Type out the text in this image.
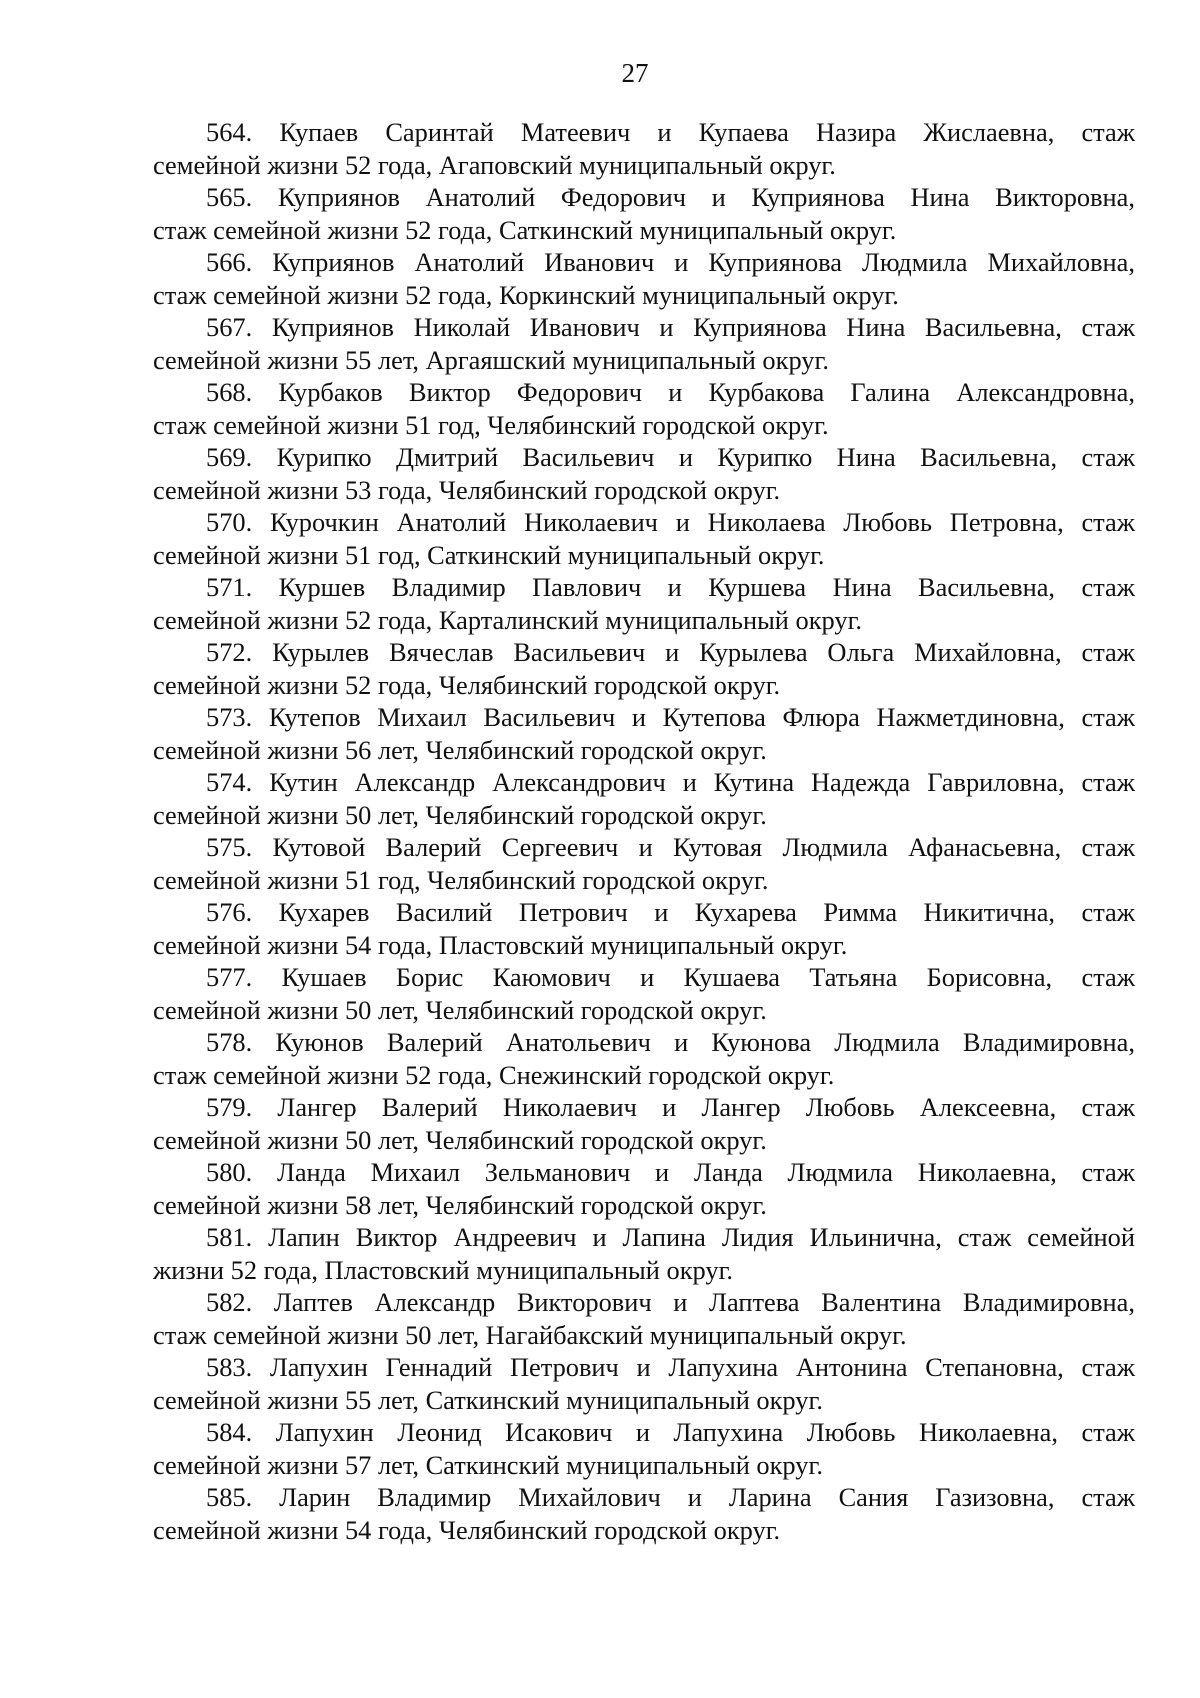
27

564. Купаев Саринтай Матеевич и Купаева Назира Жислаевна, стаж
семейной жизни 52 года, Агаповский муниципальный округ.

565. Куприянов Анатолий Федорович и Куприянова Нина Викторовна,
стаж семейной жизни 52 года, Саткинский муниципальный округ.

566. Куприянов Анатолий Иванович и Куприянова Людмила Михайловна,
стаж семейной жизни 52 года, Коркинский муниципальный округ.

567. Куприянов Николай Иванович и Куприянова Нина Васильевна, стаж
семейной жизни 55 лет, Аргаяшский муниципальный округ.

568. Курбаков Виктор Федорович и Курбакова Галина Александровна,
стаж семейной жизни 51 год, Челябинский городской округ.

569. Курипко Дмитрий Васильевич и Курипко Нина Васильевна, стаж
семейной жизни 53 года, Челябинский городской округ.

570. Курочкин Анатолий Николаевич и Николаева Любовь Петровна, стаж
семейной жизни 51 год, Саткинский муниципальный округ.

571. Куршев Владимир Павлович и Куршева Нина Васильевна, стаж
семейной жизни 52 года, Карталинский муниципальный округ.

572. Курылев Вячеслав Васильевич и Курылева Ольга Михайловна, стаж
семейной жизни 52 года, Челябинский городской округ.

573. Кутепов Михаил Васильевич и Кутепова Флюра Нажметдиновна, стаж
семейной жизни 56 лет, Челябинский городской округ.

574. Кутин Александр Александрович и Кутина Надежда Гавриловна, стаж
семейной жизни 50 лет, Челябинский городской округ.

575. Кутовой Валерий Сергеевич и Кутовая Людмила Афанасьевна, стаж
семейной жизни 51 год, Челябинский городской округ.

576. Кухарев Василий Петрович и Кухарева Римма Никитична, стаж
семейной жизни 54 года, Пластовский муниципальный округ.

577. Кушаев Борис Каюмович и Кушаева Татьяна Борисовна, стаж
семейной жизни 50 лет, Челябинский городской округ.

578. Куюнов Валерий Анатольевич и Куюнова Людмила Владимировна,
стаж семейной жизни 52 года, Снежинский городской округ.

579. Лангер Валерий Николаевич и Лангер Любовь Алексеевна, стаж
семейной жизни 50 лет, Челябинский городской округ.

580. Ланда Михаил Зельманович и Ланда Людмила Николаевна, стаж
семейной жизни 58 лет, Челябинский городской округ.

581. Лапин Виктор Андреевич и Лапина Лидия Ильинична, стаж семейной
жизни 52 года, Пластовский муниципальный округ.

582. Лаптев Александр Викторович и Лаптева Валентина Владимировна,
стаж семейной жизни 50 лет, Нагайбакский муниципальный округ.

583. Лапухин Геннадий Петрович и Лапухина Антонина Степановна, стаж
семейной жизни 55 лет, Саткинский муниципальный округ.

584. Лапухин Леонид Исакович и Лапухина Любовь Николаевна, стаж
семейной жизни 57 лет, Саткинский муниципальный округ.

585. Ларин Владимир Михайлович и Ларина Сания Газизовна, стаж
семейной жизни 54 года, Челябинский городской округ.
